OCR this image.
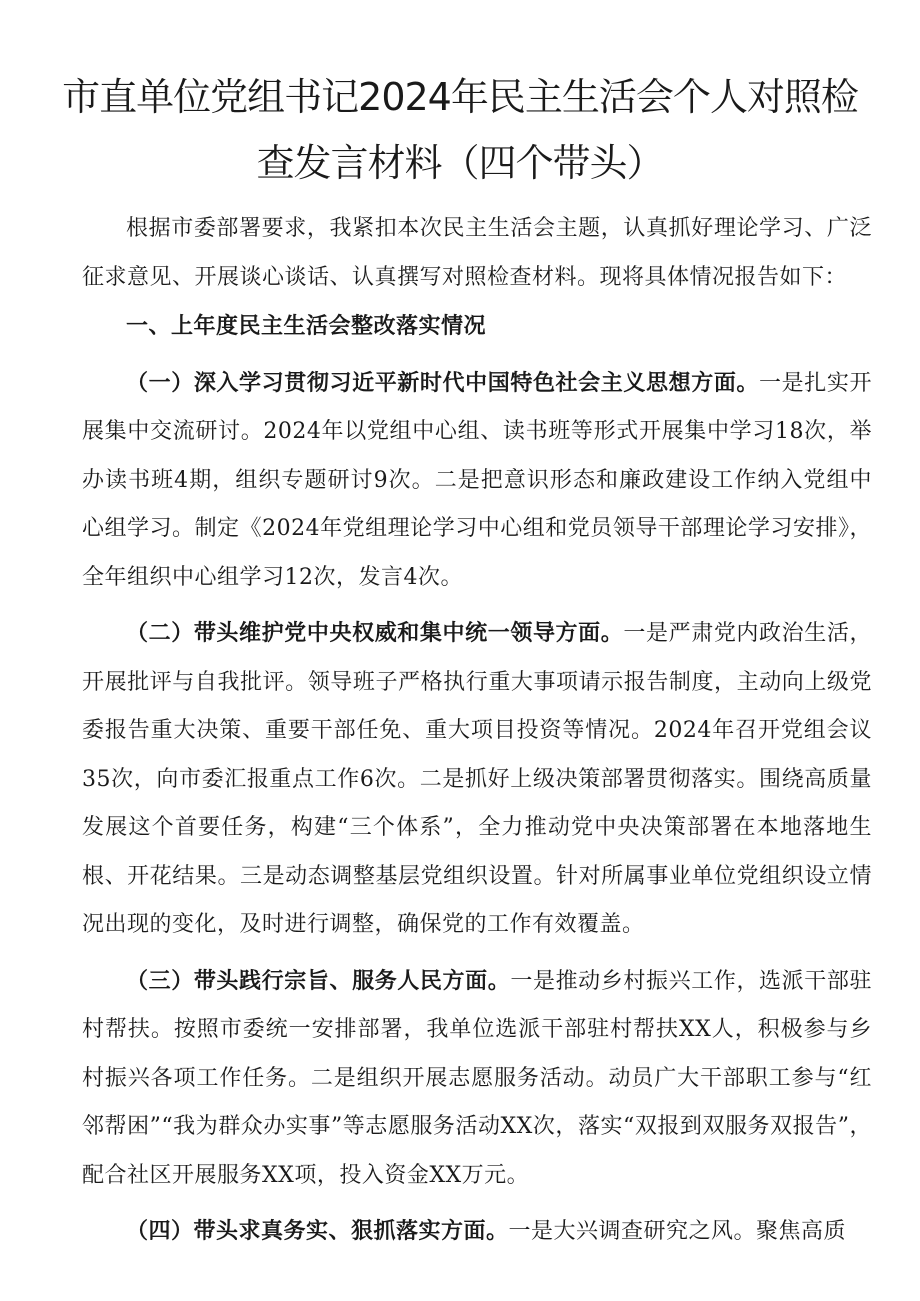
市直单位党组书记2024年民主生活会个人对照检查发言材料（四个带头）

根据市委部署要求，我紧扣本次民主生活会主题，认真抓好理论学习、广泛征求意见、开展谈心谈话、认真撰写对照检查材料。现将具体情况报告如下：

一、上年度民主生活会整改落实情况

（一）深入学习贯彻习近平新时代中国特色社会主义思想方面。一是扎实开展集中交流研讨。2024年以党组中心组、读书班等形式开展集中学习18次，举办读书班4期，组织专题研讨9次。二是把意识形态和廉政建设工作纳入党组中心组学习。制定《2024年党组理论学习中心组和党员领导干部理论学习安排》，全年组织中心组学习12次，发言4次。

（二）带头维护党中央权威和集中统一领导方面。一是严肃党内政治生活，开展批评与自我批评。领导班子严格执行重大事项请示报告制度，主动向上级党委报告重大决策、重要干部任免、重大项目投资等情况。2024年召开党组会议35次，向市委汇报重点工作6次。二是抓好上级决策部署贯彻落实。围绕高质量发展这个首要任务，构建“三个体系”，全力推动党中央决策部署在本地落地生根、开花结果。三是动态调整基层党组织设置。针对所属事业单位党组织设立情况出现的变化，及时进行调整，确保党的工作有效覆盖。

（三）带头践行宗旨、服务人民方面。一是推动乡村振兴工作，选派干部驻村帮扶。按照市委统一安排部署，我单位选派干部驻村帮扶XX人，积极参与乡村振兴各项工作任务。二是组织开展志愿服务活动。动员广大干部职工参与“红邻帮困”“我为群众办实事”等志愿服务活动XX次，落实“双报到双服务双报告”，配合社区开展服务XX项，投入资金XX万元。

（四）带头求真务实、狠抓落实方面。一是大兴调查研究之风。聚焦高质
